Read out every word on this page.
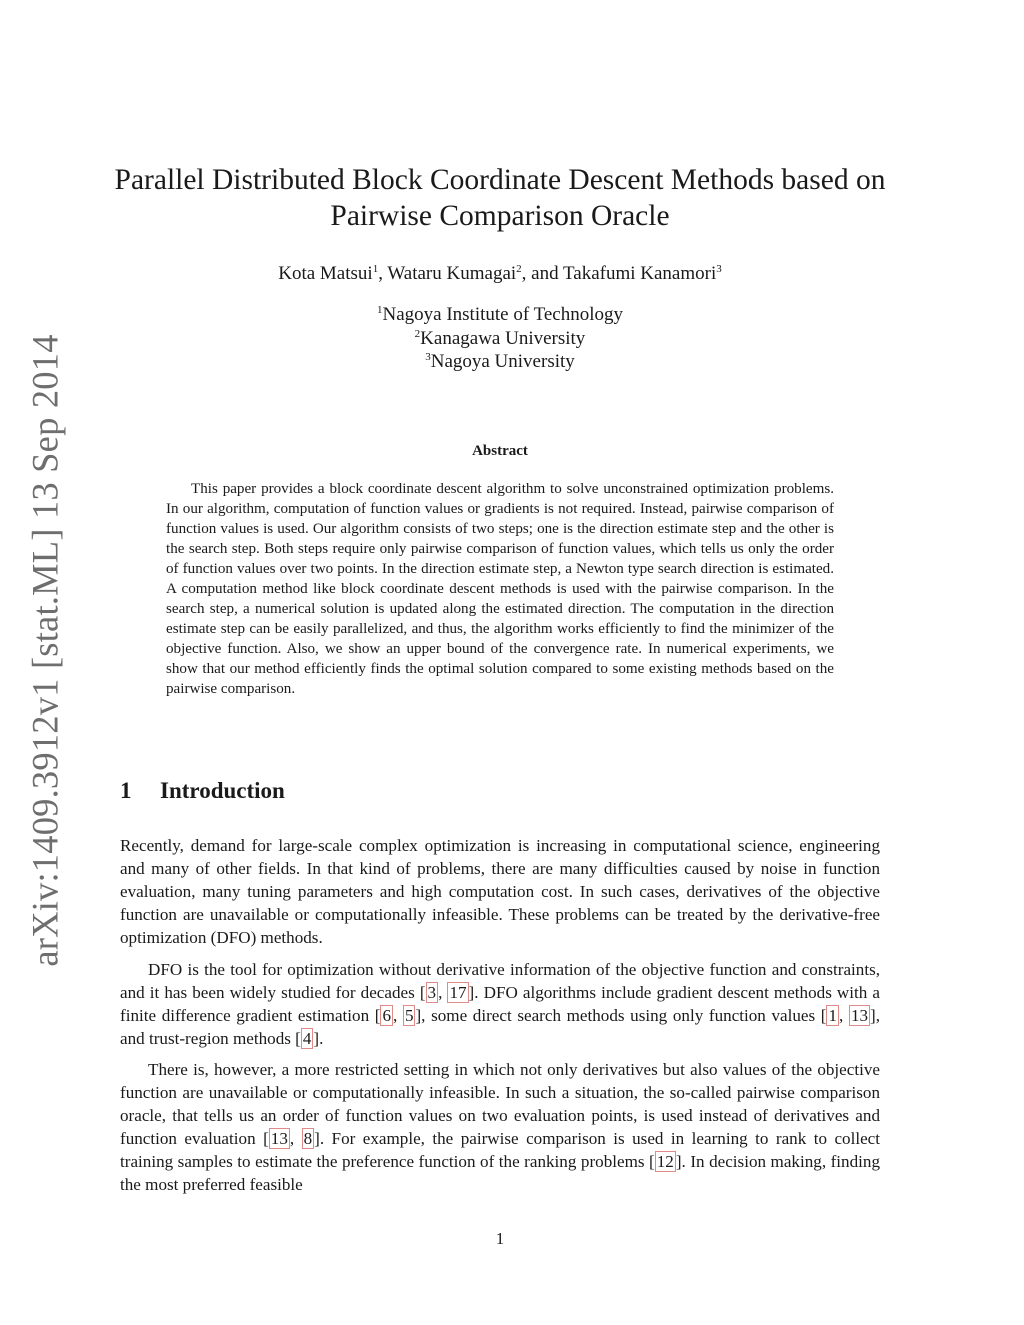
arXiv:1409.3912v1 [stat.ML] 13 Sep 2014
Parallel Distributed Block Coordinate Descent Methods based on
Pairwise Comparison Oracle
Kota Matsui$^1$, Wataru Kumagai$^2$, and Takafumi Kanamori$^3$
$^1$Nagoya Institute of Technology
$^2$Kanagawa University
$^3$Nagoya University
Abstract
This paper provides a block coordinate descent algorithm to solve unconstrained optimization problems. In our algorithm, computation of function values or gradients is not required. Instead, pairwise comparison of function values is used. Our algorithm consists of two steps; one is the direction estimate step and the other is the search step. Both steps require only pairwise comparison of function values, which tells us only the order of function values over two points. In the direction estimate step, a Newton type search direction is estimated. A computation method like block coordinate descent methods is used with the pairwise comparison. In the search step, a numerical solution is updated along the estimated direction. The computation in the direction estimate step can be easily parallelized, and thus, the algorithm works efficiently to find the minimizer of the objective function. Also, we show an upper bound of the convergence rate. In numerical experiments, we show that our method efficiently finds the optimal solution compared to some existing methods based on the pairwise comparison.
1 Introduction
Recently, demand for large-scale complex optimization is increasing in computational science, engineering and many of other fields. In that kind of problems, there are many difficulties caused by noise in function evaluation, many tuning parameters and high computation cost. In such cases, derivatives of the objective function are unavailable or computationally infeasible. These problems can be treated by the derivative-free optimization (DFO) methods.
DFO is the tool for optimization without derivative information of the objective function and constraints, and it has been widely studied for decades [ 3 , 17 ]. DFO algorithms include gradient descent methods with a finite difference gradient estimation [ 6 , 5 ], some direct search methods using only function values [ 1 , 13 ], and trust-region methods [ 4 ].
There is, however, a more restricted setting in which not only derivatives but also values of the objective function are unavailable or computationally infeasible. In such a situation, the so-called pairwise comparison oracle, that tells us an order of function values on two evaluation points, is used instead of derivatives and function evaluation [ 13 , 8 ]. For example, the pairwise comparison is used in learning to rank to collect training samples to estimate the preference function of the ranking problems [ 12 ]. In decision making, finding the most preferred feasible
1
